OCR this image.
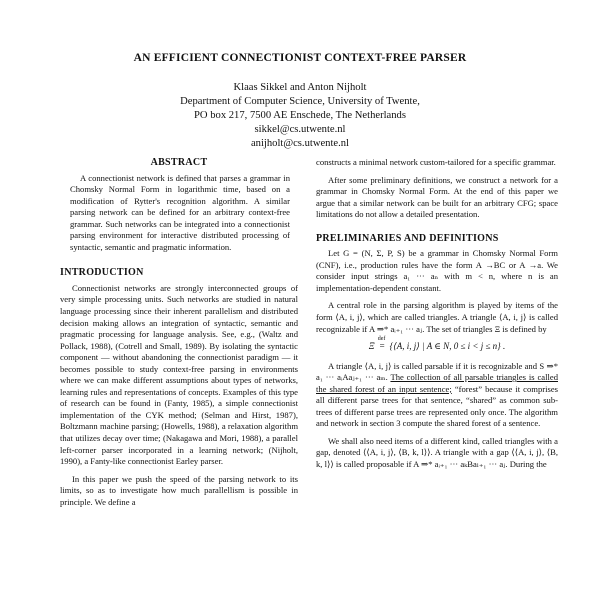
AN EFFICIENT CONNECTIONIST CONTEXT-FREE PARSER
Klaas Sikkel and Anton Nijholt
Department of Computer Science, University of Twente,
PO box 217, 7500 AE Enschede, The Netherlands
sikkel@cs.utwente.nl
anijholt@cs.utwente.nl
ABSTRACT

A connectionist network is defined that parses a grammar in Chomsky Normal Form in logarithmic time, based on a modification of Rytter's recognition algorithm. A similar parsing network can be defined for an arbitrary context-free grammar. Such networks can be integrated into a connectionist parsing environment for interactive distributed processing of syntactic, semantic and pragmatic information.

INTRODUCTION

Connectionist networks are strongly interconnected groups of very simple processing units. Such networks are studied in natural language processing since their inherent parallelism and distributed decision making allows an integration of syntactic, semantic and pragmatic processing for language analysis. See, e.g., (Waltz and Pollack, 1988), (Cotrell and Small, 1989). By isolating the syntactic component — without abandoning the connectionist paradigm — it becomes possible to study context-free parsing in environments where we can make different assumptions about types of networks, learning rules and representations of concepts. Examples of this type of research can be found in (Fanty, 1985), a simple connectionist implementation of the CYK method; (Selman and Hirst, 1987), Boltzmann machine parsing; (Howells, 1988), a relaxation algorithm that utilizes decay over time; (Nakagawa and Mori, 1988), a parallel left-corner parser incorporated in a learning network; (Nijholt, 1990), a Fanty-like connectionist Earley parser.

In this paper we push the speed of the parsing network to its limits, so as to investigate how much parallellism is possible in principle. We define a

constructs a minimal network custom-tailored for a specific grammar.

After some preliminary definitions, we construct a network for a grammar in Chomsky Normal Form. At the end of this paper we argue that a similar network can be built for an arbitrary CFG; space limitations do not allow a detailed presentation.

PRELIMINARIES AND DEFINITIONS

Let G = (N, Σ, P, S) be a grammar in Chomsky Normal Form (CNF), i.e., production rules have the form A →BC or A →a. We consider input strings a₁ ··· aₙ with m < n, where n is an implementation-dependent constant.

A central role in the parsing algorithm is played by items of the form ⟨A, i, j⟩, which are called triangles. A triangle ⟨A, i, j⟩ is called recognizable if A ⇒* aᵢ₊₁ ··· aⱼ. The set of triangles Ξ is defined by

Ξ
def
=  {⟨A, i, j⟩ | A ∈ N, 0 ≤ i < j ≤ n} .

A triangle ⟨A, i, j⟩ is called parsable if it is recognizable and S ⇒* a₁ ··· aᵢAaⱼ₊₁ ··· aₘ. The collection of all parsable triangles is called the shared forest of an input sentence; “forest” because it comprises all different parse trees for that sentence, “shared” as common sub-trees of different parse trees are represented only once. The algorithm and network in section 3 compute the shared forest of a sentence.

We shall also need items of a different kind, called triangles with a gap, denoted ⟨⟨A, i, j⟩, ⟨B, k, l⟩⟩. A triangle with a gap ⟨⟨A, i, j⟩, ⟨B, k, l⟩⟩ is called proposable if A ⇒* aᵢ₊₁ ··· aₖBaₗ₊₁ ··· aⱼ. During the
